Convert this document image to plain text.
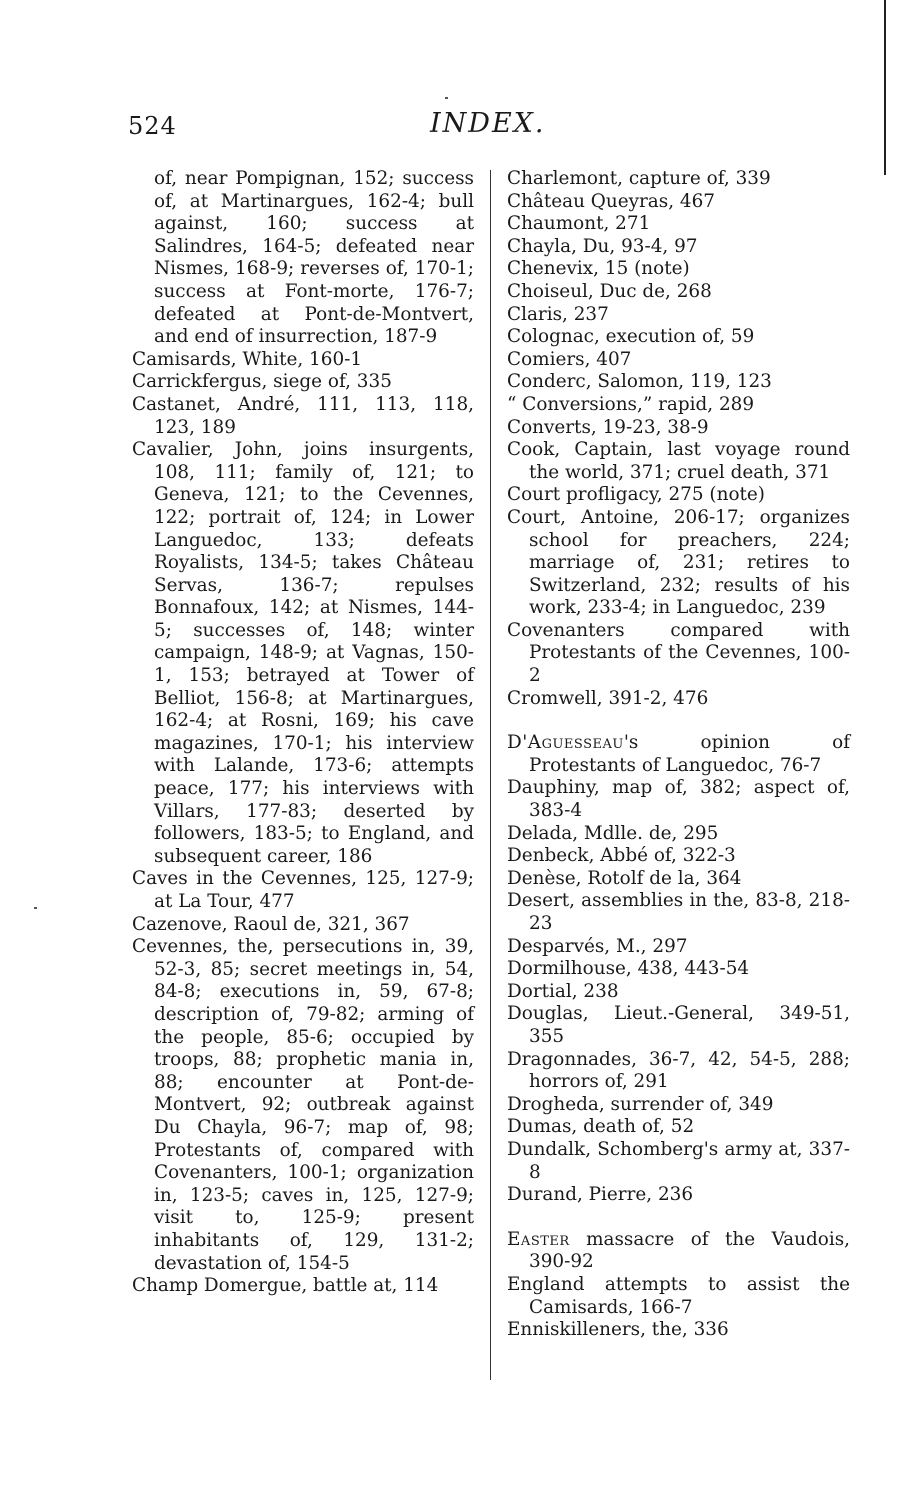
524	INDEX.
of, near Pompignan, 152; success of, at Martinargues, 162-4; bull against, 160; success at Salindres, 164-5; defeated near Nismes, 168-9; reverses of, 170-1; success at Font-morte, 176-7; defeated at Pont-de-Montvert, and end of insurrection, 187-9
Camisards, White, 160-1
Carrickfergus, siege of, 335
Castanet, André, 111, 113, 118, 123, 189
Cavalier, John, joins insurgents, 108, 111; family of, 121; to Geneva, 121; to the Cevennes, 122; portrait of, 124; in Lower Languedoc, 133; defeats Royalists, 134-5; takes Château Servas, 136-7; repulses Bonnafoux, 142; at Nismes, 144-5; successes of, 148; winter campaign, 148-9; at Vagnas, 150-1, 153; betrayed at Tower of Belliot, 156-8; at Martinargues, 162-4; at Rosni, 169; his cave magazines, 170-1; his interview with Lalande, 173-6; attempts peace, 177; his interviews with Villars, 177-83; deserted by followers, 183-5; to England, and subsequent career, 186
Caves in the Cevennes, 125, 127-9; at La Tour, 477
Cazenove, Raoul de, 321, 367
Cevennes, the, persecutions in, 39, 52-3, 85; secret meetings in, 54, 84-8; executions in, 59, 67-8; description of, 79-82; arming of the people, 85-6; occupied by troops, 88; prophetic mania in, 88; encounter at Pont-de-Montvert, 92; outbreak against Du Chayla, 96-7; map of, 98; Protestants of, compared with Covenanters, 100-1; organization in, 123-5; caves in, 125, 127-9; visit to, 125-9; present inhabitants of, 129, 131-2; devastation of, 154-5
Champ Domergue, battle at, 114
Charlemont, capture of, 339
Château Queyras, 467
Chaumont, 271
Chayla, Du, 93-4, 97
Chenevix, 15 (note)
Choiseul, Duc de, 268
Claris, 237
Colognac, execution of, 59
Comiers, 407
Conderc, Salomon, 119, 123
“ Conversions,” rapid, 289
Converts, 19-23, 38-9
Cook, Captain, last voyage round the world, 371; cruel death, 371
Court profligacy, 275 (note)
Court, Antoine, 206-17; organizes school for preachers, 224; marriage of, 231; retires to Switzerland, 232; results of his work, 233-4; in Languedoc, 239
Covenanters compared with Protestants of the Cevennes, 100-2
Cromwell, 391-2, 476
D'Aguesseau's opinion of Protestants of Languedoc, 76-7
Dauphiny, map of, 382; aspect of, 383-4
Delada, Mdlle. de, 295
Denbeck, Abbé of, 322-3
Denèse, Rotolf de la, 364
Desert, assemblies in the, 83-8, 218-23
Desparvés, M., 297
Dormilhouse, 438, 443-54
Dortial, 238
Douglas, Lieut.-General, 349-51, 355
Dragonnades, 36-7, 42, 54-5, 288; horrors of, 291
Drogheda, surrender of, 349
Dumas, death of, 52
Dundalk, Schomberg's army at, 337-8
Durand, Pierre, 236
Easter massacre of the Vaudois, 390-92
England attempts to assist the Camisards, 166-7
Enniskilleners, the, 336
